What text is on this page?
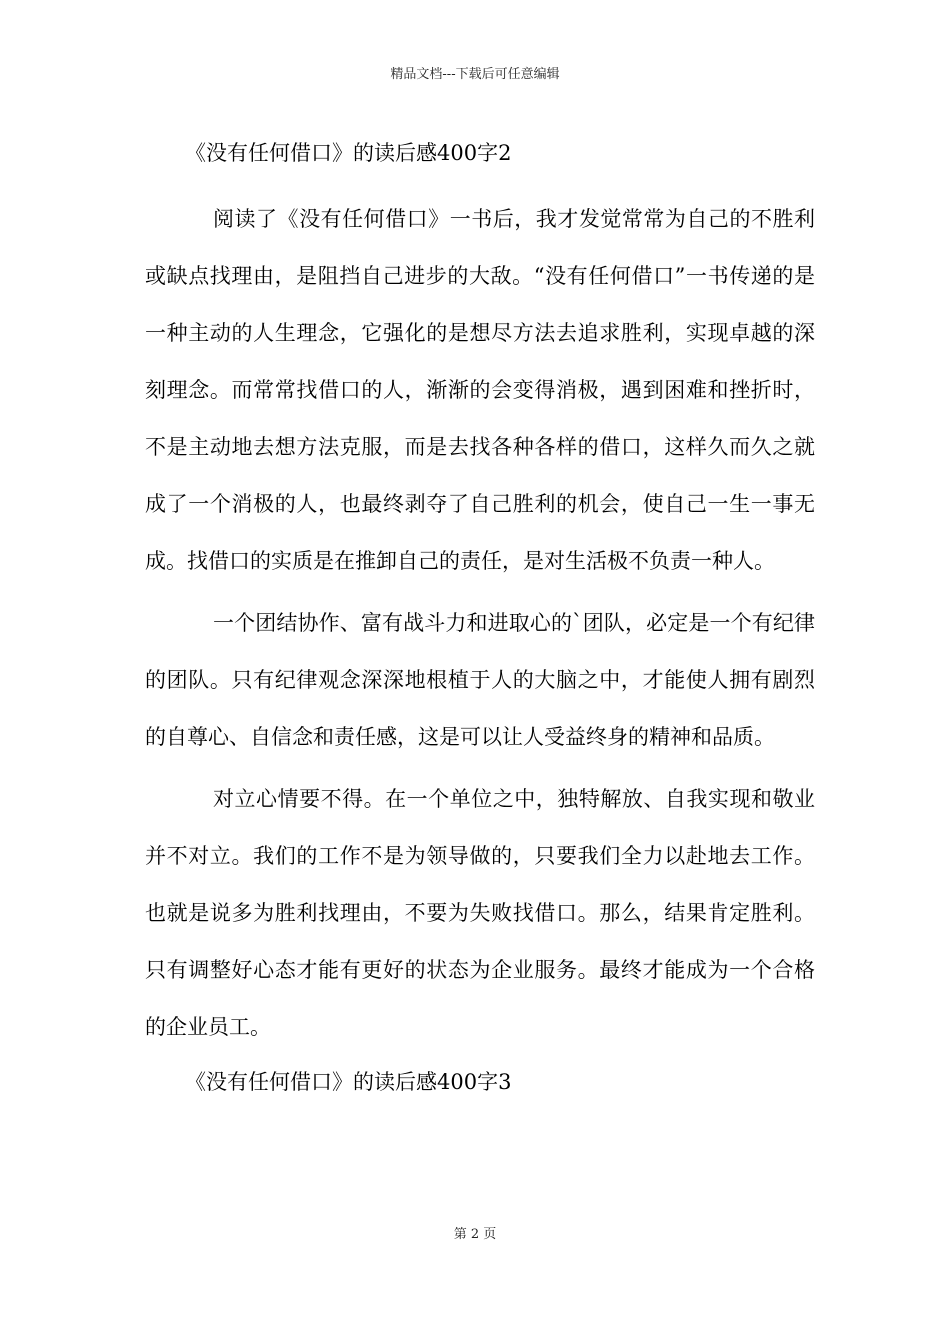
精品文档---下载后可任意编辑
《没有任何借口》的读后感400字2

阅读了《没有任何借口》一书后，我才发觉常常为自己的不胜利或缺点找理由，是阻挡自己进步的大敌。“没有任何借口”一书传递的是一种主动的人生理念，它强化的是想尽方法去追求胜利，实现卓越的深刻理念。而常常找借口的人，渐渐的会变得消极，遇到困难和挫折时，不是主动地去想方法克服，而是去找各种各样的借口，这样久而久之就成了一个消极的人，也最终剥夺了自己胜利的机会，使自己一生一事无成。找借口的实质是在推卸自己的责任，是对生活极不负责一种人。

一个团结协作、富有战斗力和进取心的`团队，必定是一个有纪律的团队。只有纪律观念深深地根植于人的大脑之中，才能使人拥有剧烈的自尊心、自信念和责任感，这是可以让人受益终身的精神和品质。

对立心情要不得。在一个单位之中，独特解放、自我实现和敬业并不对立。我们的工作不是为领导做的，只要我们全力以赴地去工作。也就是说多为胜利找理由，不要为失败找借口。那么，结果肯定胜利。只有调整好心态才能有更好的状态为企业服务。最终才能成为一个合格的企业员工。

《没有任何借口》的读后感400字3
第 2 页
